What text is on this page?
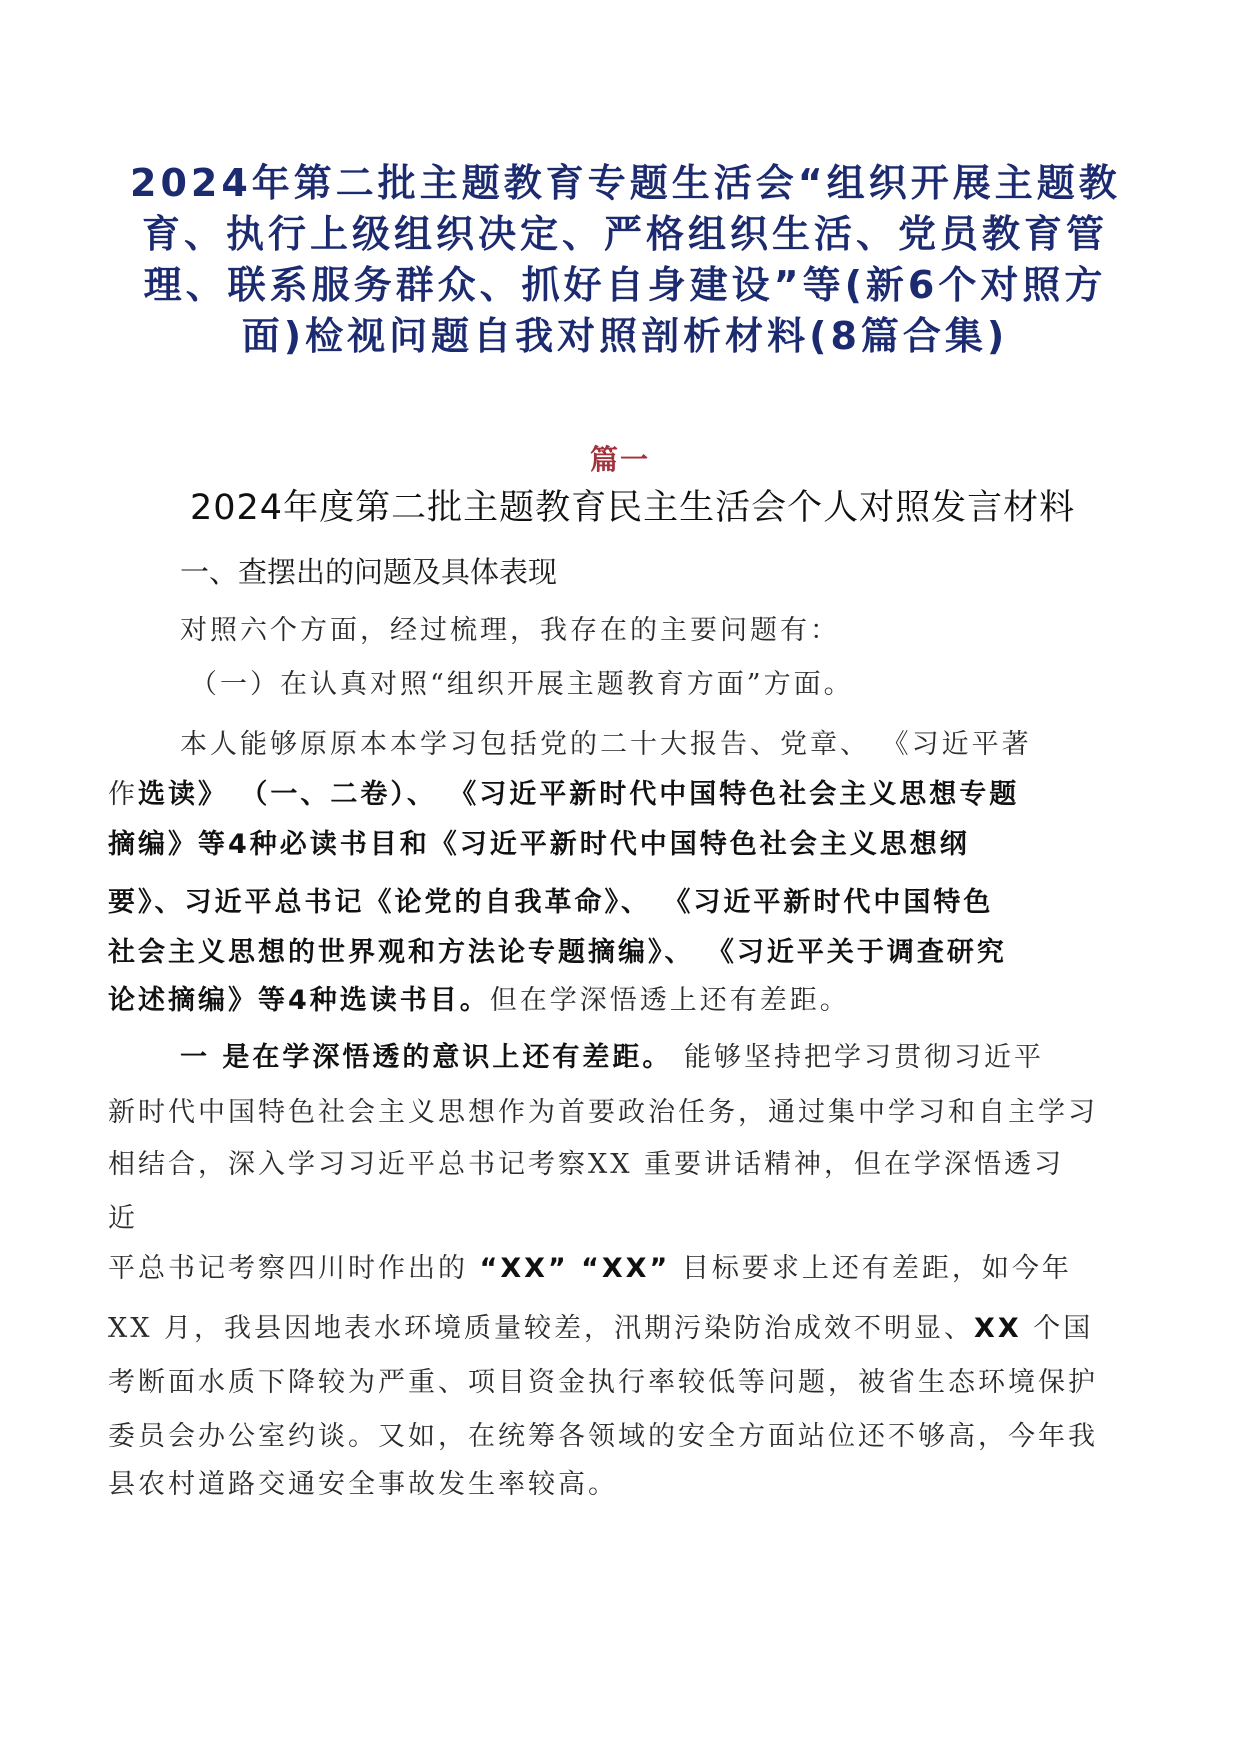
2024年第二批主题教育专题生活会“组织开展主题教
育、执行上级组织决定、严格组织生活、党员教育管
理、联系服务群众、抓好自身建设”等(新6个对照方
面)检视问题自我对照剖析材料(8篇合集)
篇一
2024年度第二批主题教育民主生活会个人对照发言材料
一、查摆出的问题及具体表现
对照六个方面，经过梳理，我存在的主要问题有：
（一）在认真对照“组织开展主题教育方面”方面。
本人能够原原本本学习包括党的二十大报告、党章、 《习近平著
作选读》 （一、二卷）、 《习近平新时代中国特色社会主义思想专题
摘编》等4种必读书目和《习近平新时代中国特色社会主义思想纲
要》、习近平总书记《论党的自我革命》、 《习近平新时代中国特色
社会主义思想的世界观和方法论专题摘编》、 《习近平关于调查研究
论述摘编》等4种选读书目。但在学深悟透上还有差距。
一 是在学深悟透的意识上还有差距。 能够坚持把学习贯彻习近平
新时代中国特色社会主义思想作为首要政治任务，通过集中学习和自主学习
相结合，深入学习习近平总书记考察XX 重要讲话精神，但在学深悟透习
近
平总书记考察四川时作出的 “XX” “XX” 目标要求上还有差距，如今年
XX 月，我县因地表水环境质量较差，汛期污染防治成效不明显、XX 个国
考断面水质下降较为严重、项目资金执行率较低等问题，被省生态环境保护
委员会办公室约谈。又如，在统筹各领域的安全方面站位还不够高，今年我
县农村道路交通安全事故发生率较高。
